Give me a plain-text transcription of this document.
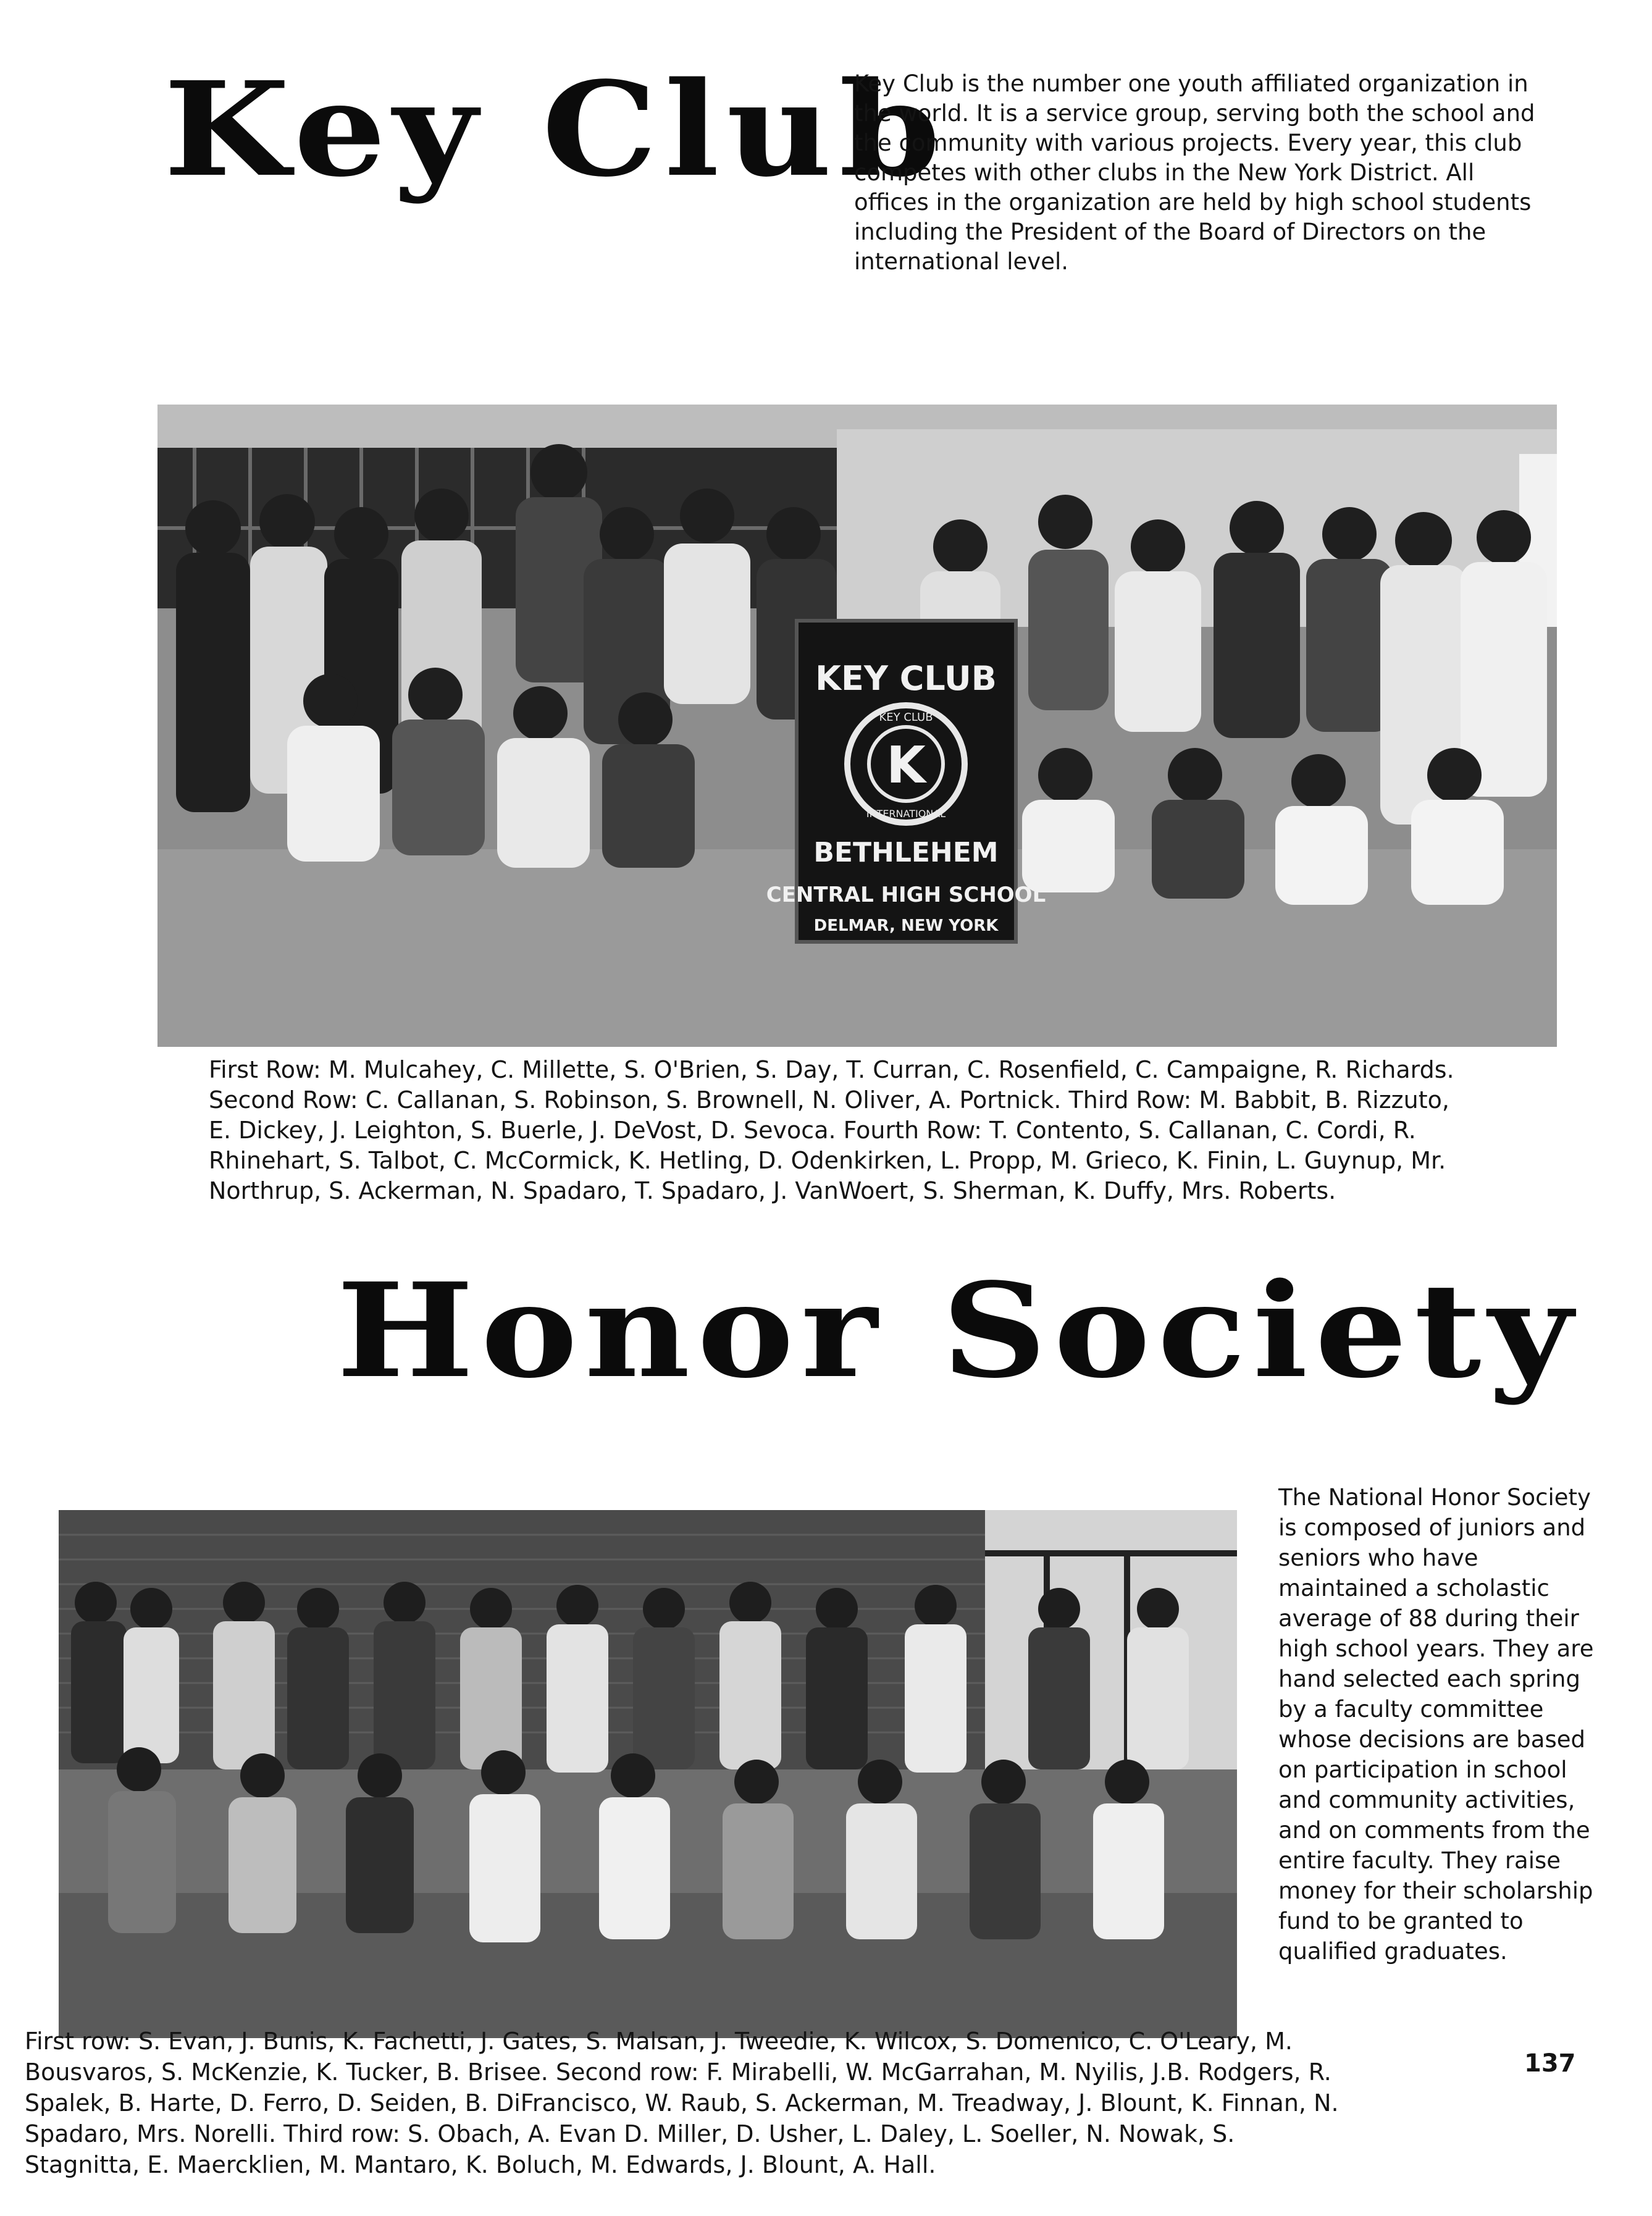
Key Club
Key Club is the number one youth affiliated organization in the world. It is a service group, serving both the school and the community with various projects. Every year, this club competes with other clubs in the New York District. All offices in the organization are held by high school students including the President of the Board of Directors on the international level.
KEY CLUB
K
KEY CLUB
INTERNATIONAL
BETHLEHEM
CENTRAL HIGH SCHOOL
DELMAR, NEW YORK
First Row: M. Mulcahey, C. Millette, S. O'Brien, S. Day, T. Curran, C. Rosenfield, C. Campaigne, R. Richards. Second Row: C. Callanan, S. Robinson, S. Brownell, N. Oliver, A. Portnick. Third Row: M. Babbit, B. Rizzuto, E. Dickey, J. Leighton, S. Buerle, J. DeVost, D. Sevoca. Fourth Row: T. Contento, S. Callanan, C. Cordi, R. Rhinehart, S. Talbot, C. McCormick, K. Hetling, D. Odenkirken, L. Propp, M. Grieco, K. Finin, L. Guynup, Mr. Northrup, S. Ackerman, N. Spadaro, T. Spadaro, J. VanWoert, S. Sherman, K. Duffy, Mrs. Roberts.
Honor Society
The National Honor Society is composed of juniors and seniors who have maintained a scholastic average of 88 during their high school years. They are hand selected each spring by a faculty committee whose decisions are based on participation in school and community activities, and on comments from the entire faculty. They raise money for their scholarship fund to be granted to qualified graduates.
First row: S. Evan, J. Bunis, K. Fachetti, J. Gates, S. Malsan, J. Tweedie, K. Wilcox, S. Domenico, C. O'Leary, M. Bousvaros, S. McKenzie, K. Tucker, B. Brisee. Second row: F. Mirabelli, W. McGarrahan, M. Nyilis, J.B. Rodgers, R. Spalek, B. Harte, D. Ferro, D. Seiden, B. DiFrancisco, W. Raub, S. Ackerman, M. Treadway, J. Blount, K. Finnan, N. Spadaro, Mrs. Norelli. Third row: S. Obach, A. Evan D. Miller, D. Usher, L. Daley, L. Soeller, N. Nowak, S. Stagnitta, E. Maercklien, M. Mantaro, K. Boluch, M. Edwards, J. Blount, A. Hall.
137
